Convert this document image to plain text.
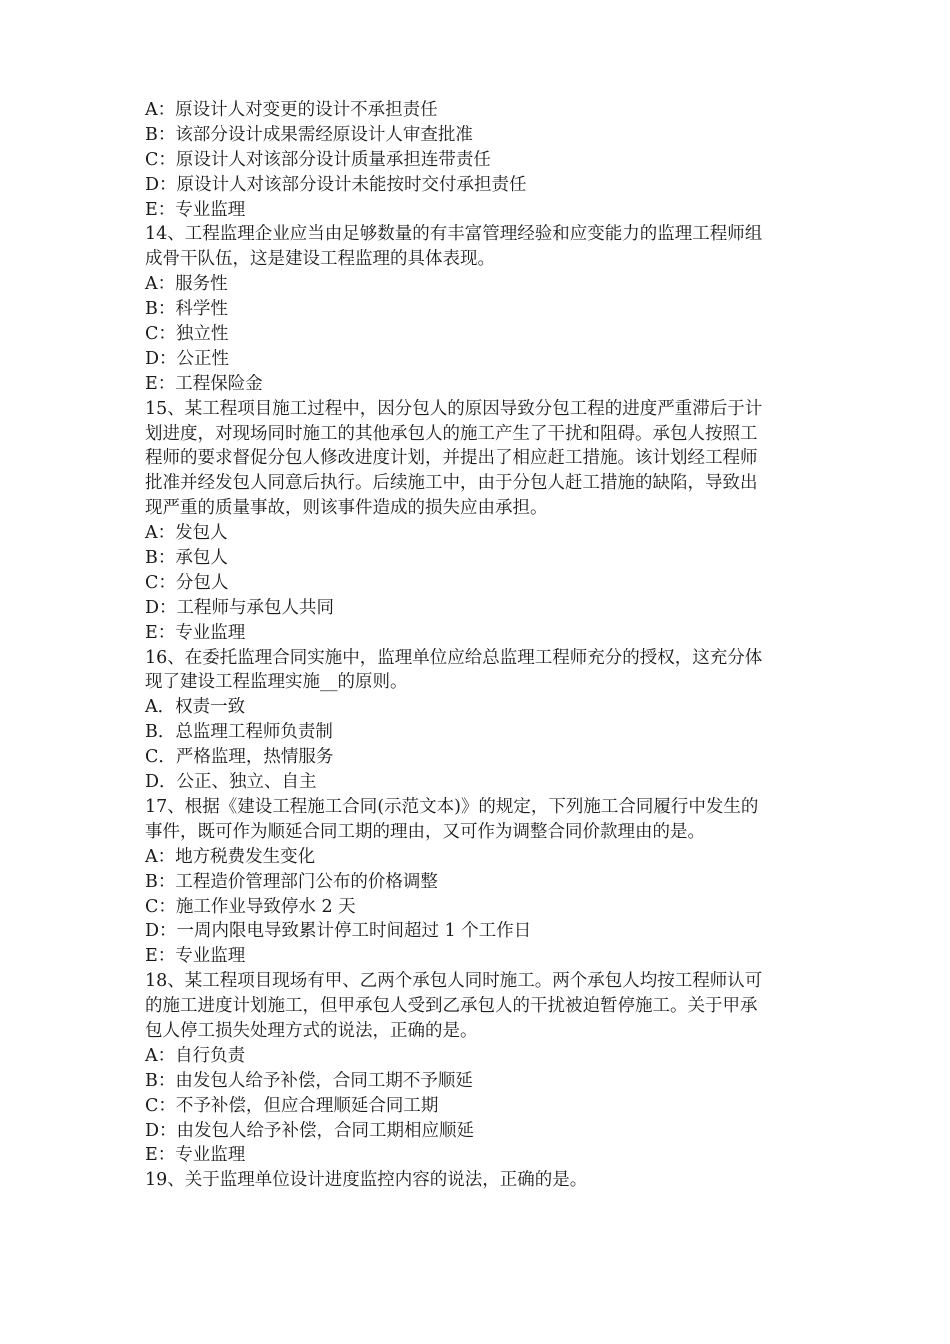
A：原设计人对变更的设计不承担责任

B：该部分设计成果需经原设计人审查批准

C：原设计人对该部分设计质量承担连带责任

D：原设计人对该部分设计未能按时交付承担责任

E：专业监理

14、工程监理企业应当由足够数量的有丰富管理经验和应变能力的监理工程师组

成骨干队伍，这是建设工程监理的具体表现。

A：服务性

B：科学性

C：独立性

D：公正性

E：工程保险金

15、某工程项目施工过程中，因分包人的原因导致分包工程的进度严重滞后于计

划进度，对现场同时施工的其他承包人的施工产生了干扰和阻碍。承包人按照工

程师的要求督促分包人修改进度计划，并提出了相应赶工措施。该计划经工程师

批准并经发包人同意后执行。后续施工中，由于分包人赶工措施的缺陷，导致出

现严重的质量事故，则该事件造成的损失应由承担。

A：发包人

B：承包人

C：分包人

D：工程师与承包人共同

E：专业监理

16、在委托监理合同实施中，监理单位应给总监理工程师充分的授权，这充分体

现了建设工程监理实施__的原则。

A．权责一致

B．总监理工程师负责制

C．严格监理，热情服务

D．公正、独立、自主

17、根据《建设工程施工合同(示范文本)》的规定，下列施工合同履行中发生的

事件，既可作为顺延合同工期的理由，又可作为调整合同价款理由的是。

A：地方税费发生变化

B：工程造价管理部门公布的价格调整

C：施工作业导致停水 2 天

D：一周内限电导致累计停工时间超过 1 个工作日

E：专业监理

18、某工程项目现场有甲、乙两个承包人同时施工。两个承包人均按工程师认可

的施工进度计划施工，但甲承包人受到乙承包人的干扰被迫暂停施工。关于甲承

包人停工损失处理方式的说法，正确的是。

A：自行负责

B：由发包人给予补偿，合同工期不予顺延

C：不予补偿，但应合理顺延合同工期

D：由发包人给予补偿，合同工期相应顺延

E：专业监理

19、关于监理单位设计进度监控内容的说法，正确的是。
